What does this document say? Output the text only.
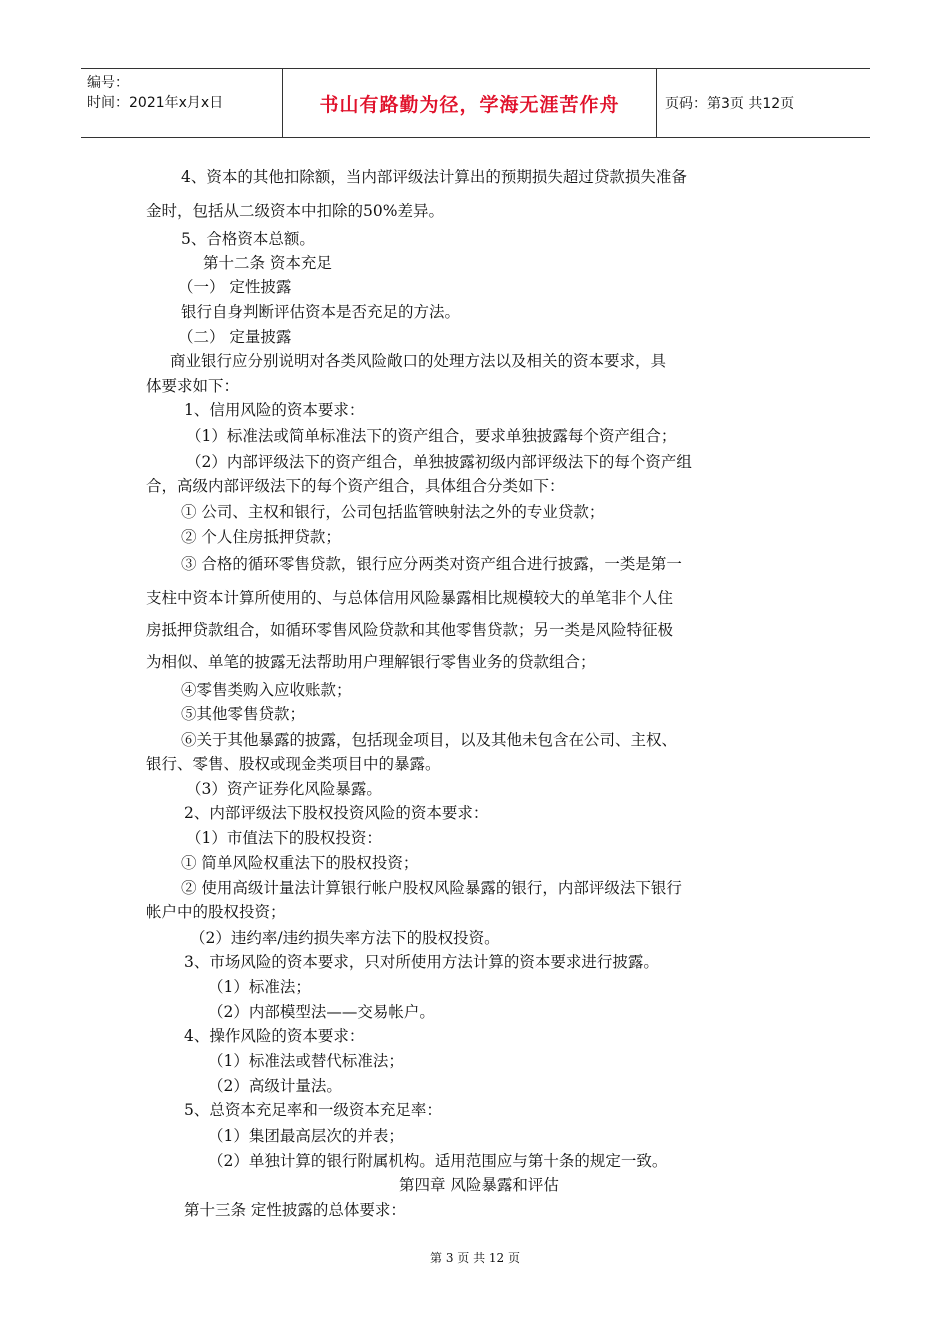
编号：
时间：2021年x月x日	书山有路勤为径，学海无涯苦作舟	页码：第3页 共12页
4、资本的其他扣除额，当内部评级法计算出的预期损失超过贷款损失准备
金时，包括从二级资本中扣除的50%差异。
5、合格资本总额。
第十二条 资本充足
（一） 定性披露
银行自身判断评估资本是否充足的方法。
（二） 定量披露
商业银行应分别说明对各类风险敞口的处理方法以及相关的资本要求，具
体要求如下：
1、信用风险的资本要求：
（1）标准法或简单标准法下的资产组合，要求单独披露每个资产组合；
（2）内部评级法下的资产组合，单独披露初级内部评级法下的每个资产组
合，高级内部评级法下的每个资产组合，具体组合分类如下：
① 公司、主权和银行，公司包括监管映射法之外的专业贷款；
② 个人住房抵押贷款；
③ 合格的循环零售贷款，银行应分两类对资产组合进行披露，一类是第一
支柱中资本计算所使用的、与总体信用风险暴露相比规模较大的单笔非个人住
房抵押贷款组合，如循环零售风险贷款和其他零售贷款；另一类是风险特征极
为相似、单笔的披露无法帮助用户理解银行零售业务的贷款组合；
④零售类购入应收账款；
⑤其他零售贷款；
⑥关于其他暴露的披露，包括现金项目，以及其他未包含在公司、主权、
银行、零售、股权或现金类项目中的暴露。
（3）资产证券化风险暴露。
2、内部评级法下股权投资风险的资本要求：
（1）市值法下的股权投资：
① 简单风险权重法下的股权投资；
② 使用高级计量法计算银行帐户股权风险暴露的银行，内部评级法下银行
帐户中的股权投资；
（2）违约率/违约损失率方法下的股权投资。
3、市场风险的资本要求，只对所使用方法计算的资本要求进行披露。
（1）标准法；
（2）内部模型法——交易帐户。
4、操作风险的资本要求：
（1）标准法或替代标准法；
（2）高级计量法。
5、总资本充足率和一级资本充足率：
（1）集团最高层次的并表；
（2）单独计算的银行附属机构。适用范围应与第十条的规定一致。
第四章 风险暴露和评估
第十三条 定性披露的总体要求：
第 3 页 共 12 页
